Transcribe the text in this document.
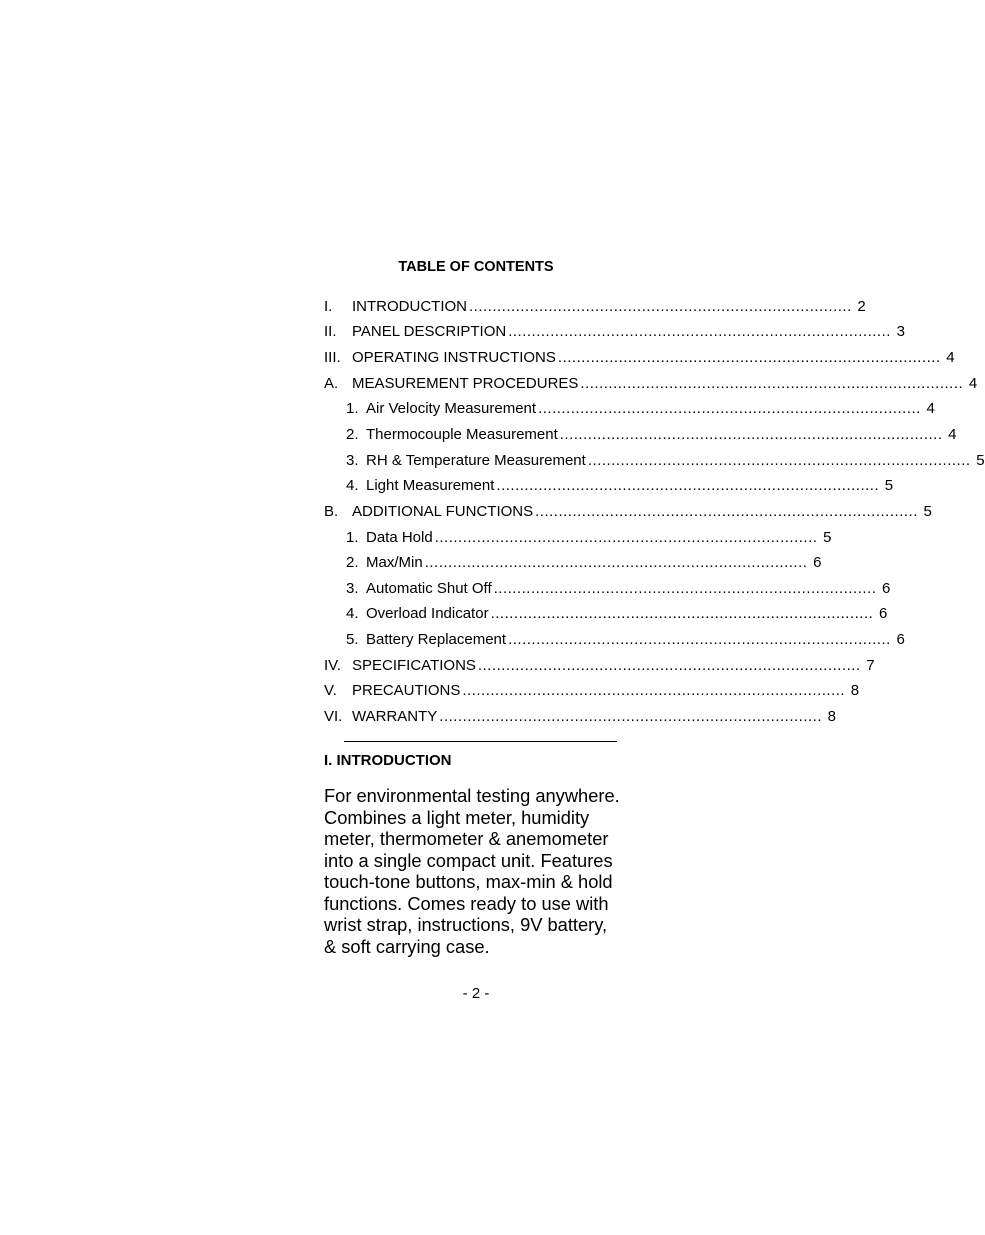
TABLE OF CONTENTS
I.	INTRODUCTION .................................................................................. 2
II.	PANEL DESCRIPTION .................................................................................. 3
III. OPERATING INSTRUCTIONS .................................................................................. 4
A. MEASUREMENT PROCEDURES .................................................................................. 4
1. Air Velocity Measurement .................................................................................. 4
2. Thermocouple Measurement .................................................................................. 4
3. RH & Temperature Measurement .................................................................................. 5
4. Light Measurement .................................................................................. 5
B. ADDITIONAL FUNCTIONS .................................................................................. 5
1. Data Hold .................................................................................. 5
2. Max/Min .................................................................................. 6
3. Automatic Shut Off .................................................................................. 6
4. Overload Indicator .................................................................................. 6
5. Battery Replacement .................................................................................. 6
IV. SPECIFICATIONS .................................................................................. 7
V.	PRECAUTIONS .................................................................................. 8
VI. WARRANTY .................................................................................. 8
I. INTRODUCTION
For environmental testing anywhere.
Combines a light meter, humidity
meter, thermometer & anemometer
into a single compact unit. Features
touch-tone buttons, max-min & hold
functions. Comes ready to use with
wrist strap, instructions, 9V battery,
& soft carrying case.
- 2 -
